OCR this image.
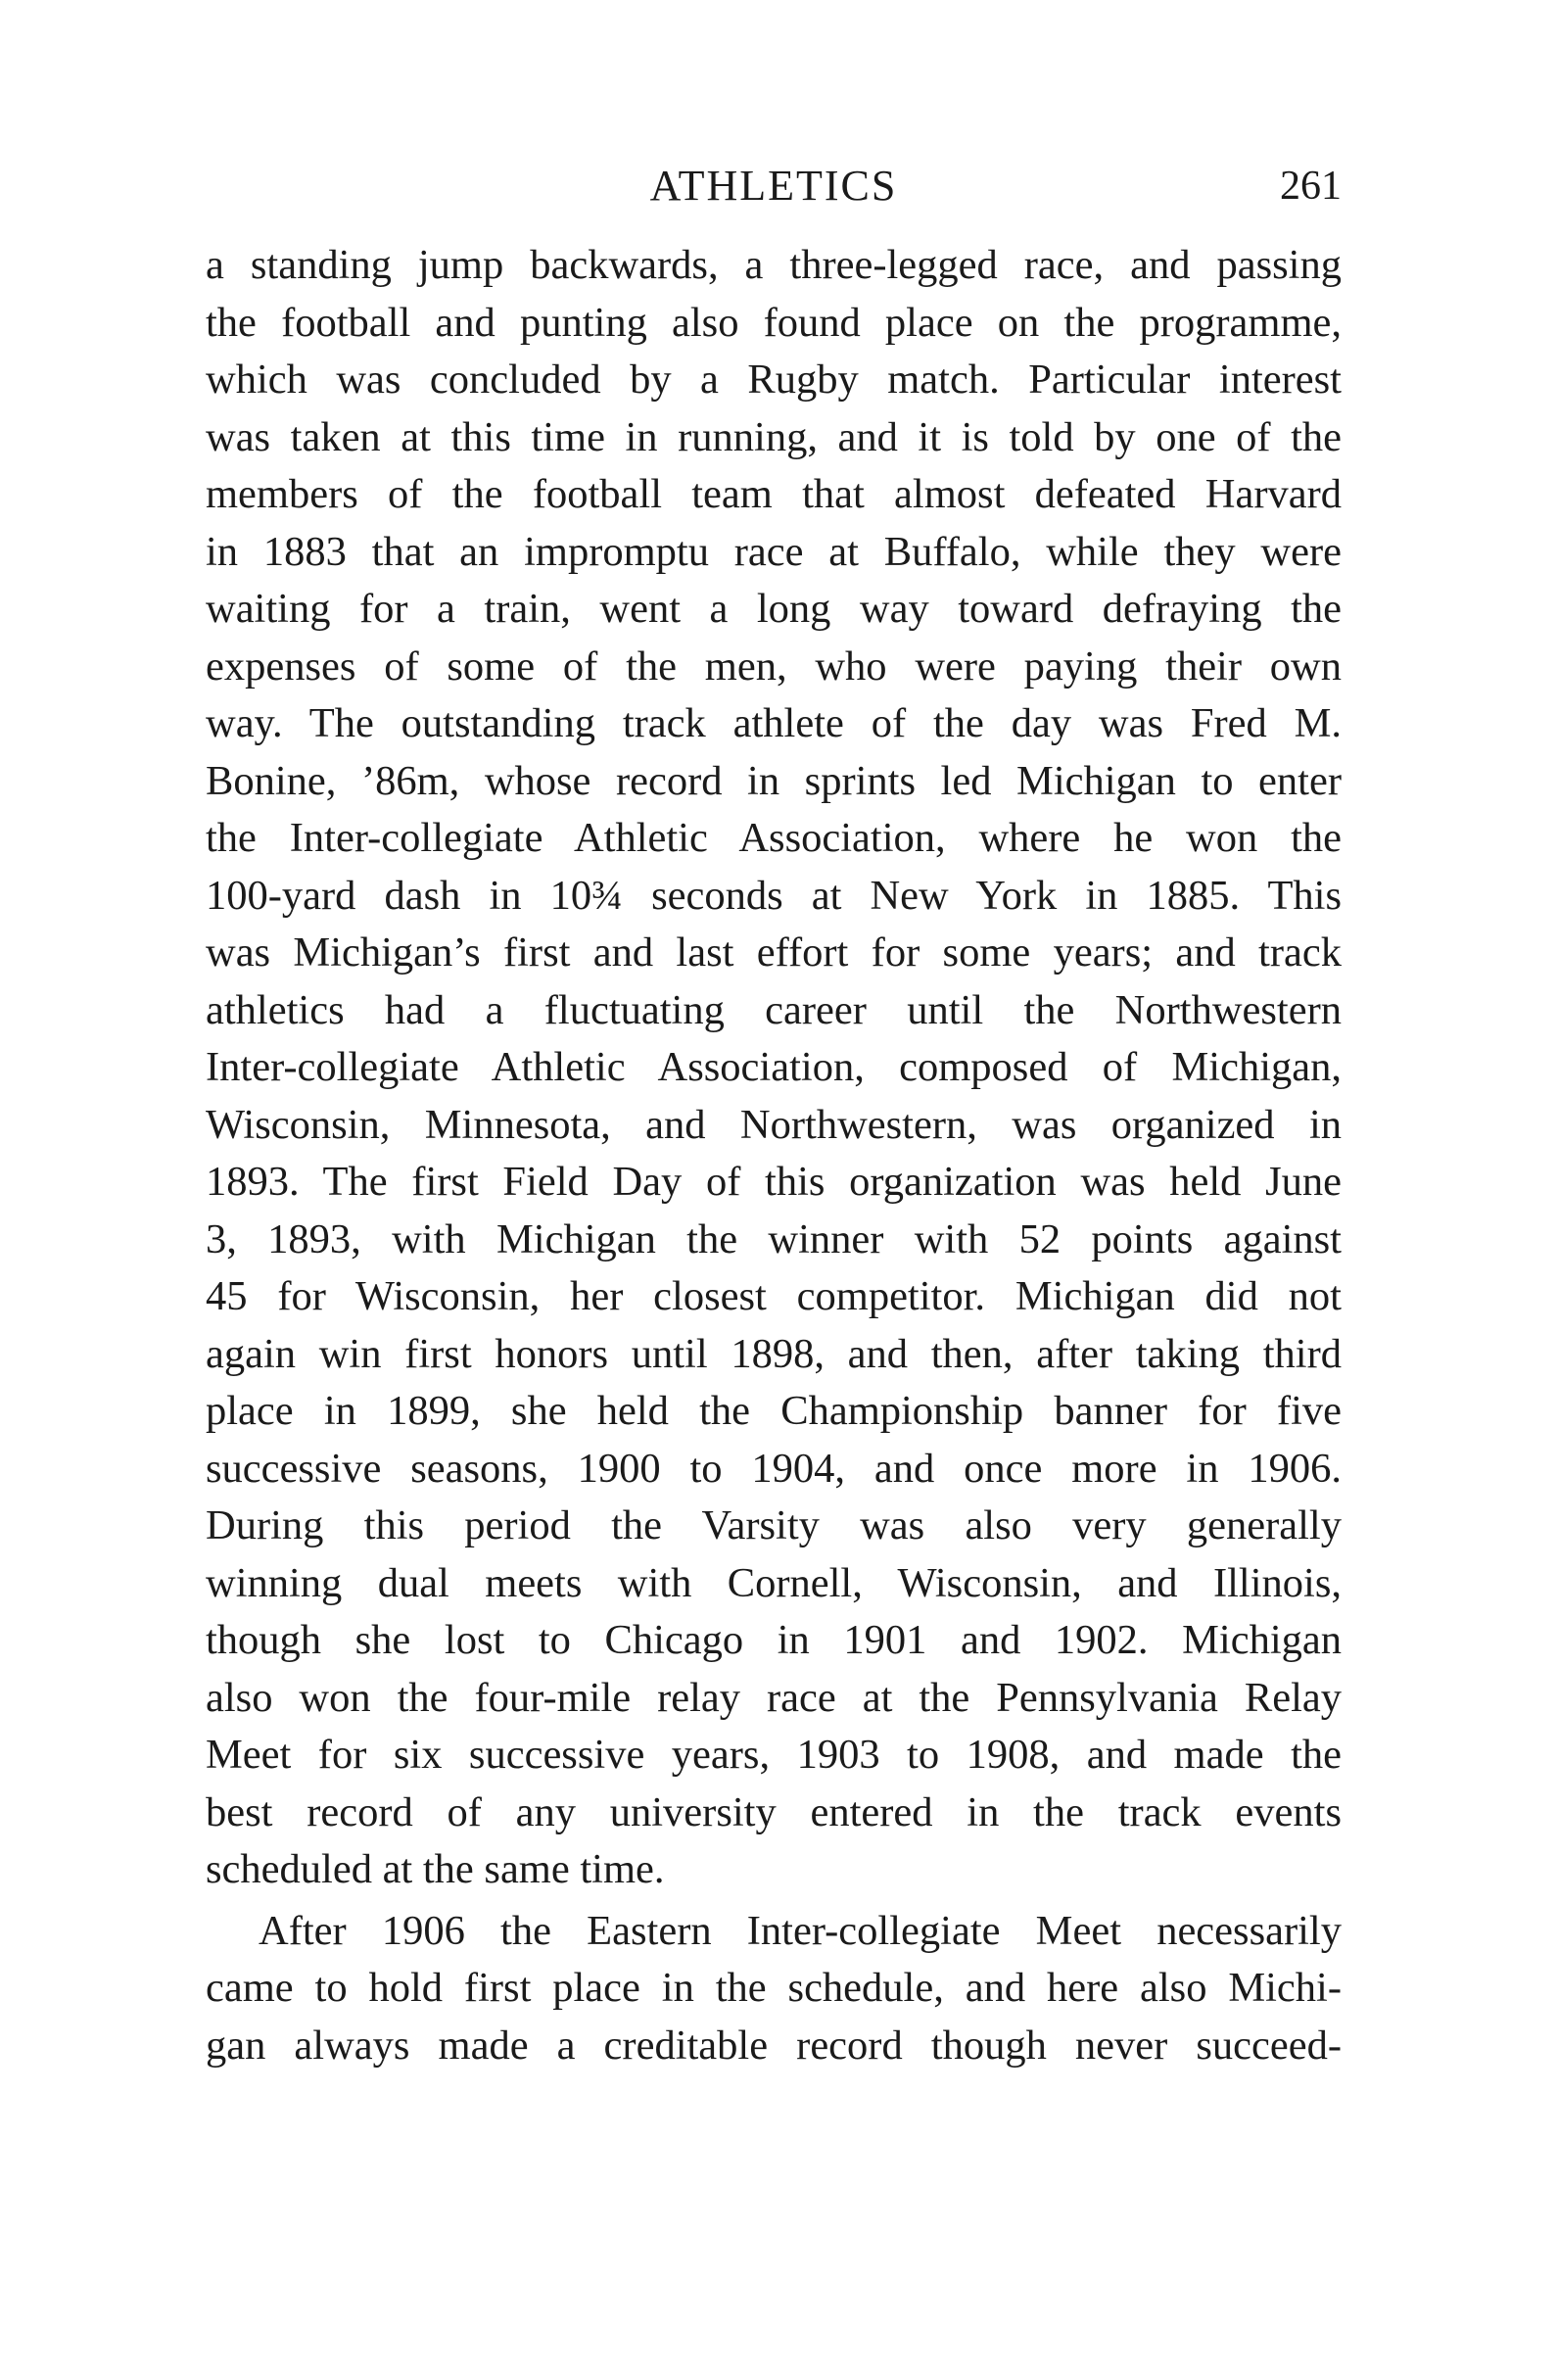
ATHLETICS	261
a standing jump backwards, a three-legged race, and passing
the football and punting also found place on the programme,
which was concluded by a Rugby match. Particular interest
was taken at this time in running, and it is told by one of the
members of the football team that almost defeated Harvard
in 1883 that an impromptu race at Buffalo, while they were
waiting for a train, went a long way toward defraying the
expenses of some of the men, who were paying their own
way. The outstanding track athlete of the day was Fred M.
Bonine, ’86m, whose record in sprints led Michigan to enter
the Inter-collegiate Athletic Association, where he won the
100-yard dash in 10¾ seconds at New York in 1885. This
was Michigan’s first and last effort for some years; and track
athletics had a fluctuating career until the Northwestern
Inter-collegiate Athletic Association, composed of Michigan,
Wisconsin, Minnesota, and Northwestern, was organized in
1893. The first Field Day of this organization was held June
3, 1893, with Michigan the winner with 52 points against
45 for Wisconsin, her closest competitor. Michigan did not
again win first honors until 1898, and then, after taking third
place in 1899, she held the Championship banner for five
successive seasons, 1900 to 1904, and once more in 1906.
During this period the Varsity was also very generally
winning dual meets with Cornell, Wisconsin, and Illinois,
though she lost to Chicago in 1901 and 1902. Michigan
also won the four-mile relay race at the Pennsylvania Relay
Meet for six successive years, 1903 to 1908, and made the
best record of any university entered in the track events
scheduled at the same time.
After 1906 the Eastern Inter-collegiate Meet necessarily
came to hold first place in the schedule, and here also Michi-
gan always made a creditable record though never succeed-
